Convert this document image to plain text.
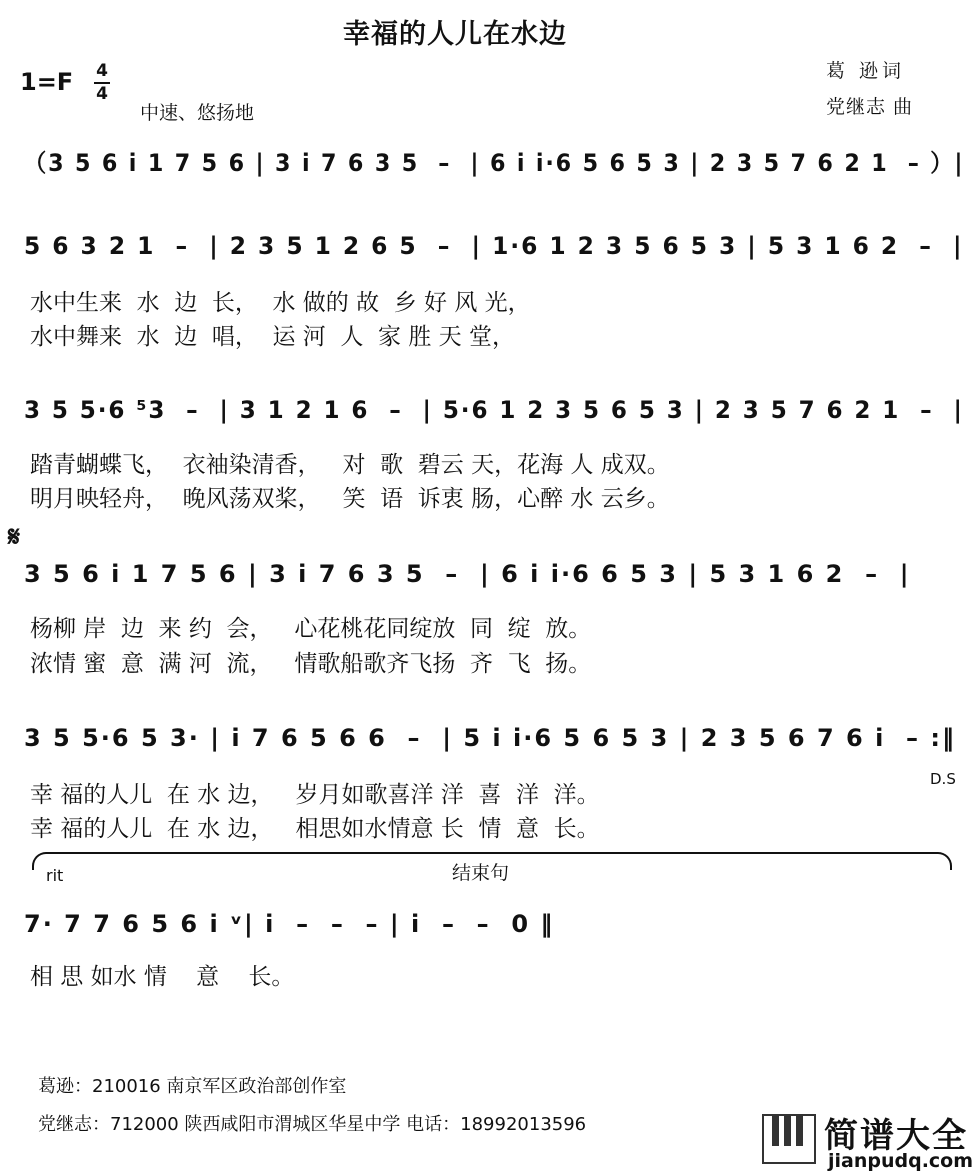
幸福的人儿在水边
1=F 4
4
中速、悠扬地
葛 逊词
党继志 曲
（3 5 6 i 1 7 5 6 | 3 i 7 6 3 5  –  | 6 i i·6 5 6 5 3 | 2 3 5 7 6 2 1  – ）|
5 6 3 2 1  –  | 2 3 5 1 2 6 5  –  | 1·6 1 2 3 5 6 5 3 | 5 3 1 6 2  –  |
水中生来  水  边  长，  水 做的 故  乡 好 风 光，
水中舞来  水  边  唱，  运 河  人  家 胜 天 堂，
3 5 5·6 ⁵3  –  | 3 1 2 1 6  –  | 5·6 1 2 3 5 6 5 3 | 2 3 5 7 6 2 1  –  |
踏青蝴蝶飞，  衣袖染清香，   对  歌  碧云 天，花海 人 成双。
明月映轻舟，  晚风荡双桨，   笑  语  诉衷 肠，心醉 水 云乡。
𝄋
3 5 6 i 1 7 5 6 | 3 i 7 6 3 5  –  | 6 i i·6 6 5 3 | 5 3 1 6 2  –  |
杨柳 岸  边  来 约  会，   心花桃花同绽放  同  绽  放。
浓情 蜜  意  满 河  流，   情歌船歌齐飞扬  齐  飞  扬。
3 5 5·6 5 3· | i 7 6 5 6 6  –  | 5 i i·6 5 6 5 3 | 2 3 5 6 7 6 i  – :‖
D.S
幸 福的人儿  在 水 边，   岁月如歌喜洋 洋  喜  洋  洋。
幸 福的人儿  在 水 边，   相思如水情意 长  情  意  长。
rit	结束句
7· 7 7 6 5 6 i ᵛ| i  –  –  – | i  –  –  0 ‖
相 思 如水 情    意    长。
葛逊：210016 南京军区政治部创作室
党继志：712000 陕西咸阳市渭城区华星中学 电话：18992013596	简谱大全
jianpudq.com
